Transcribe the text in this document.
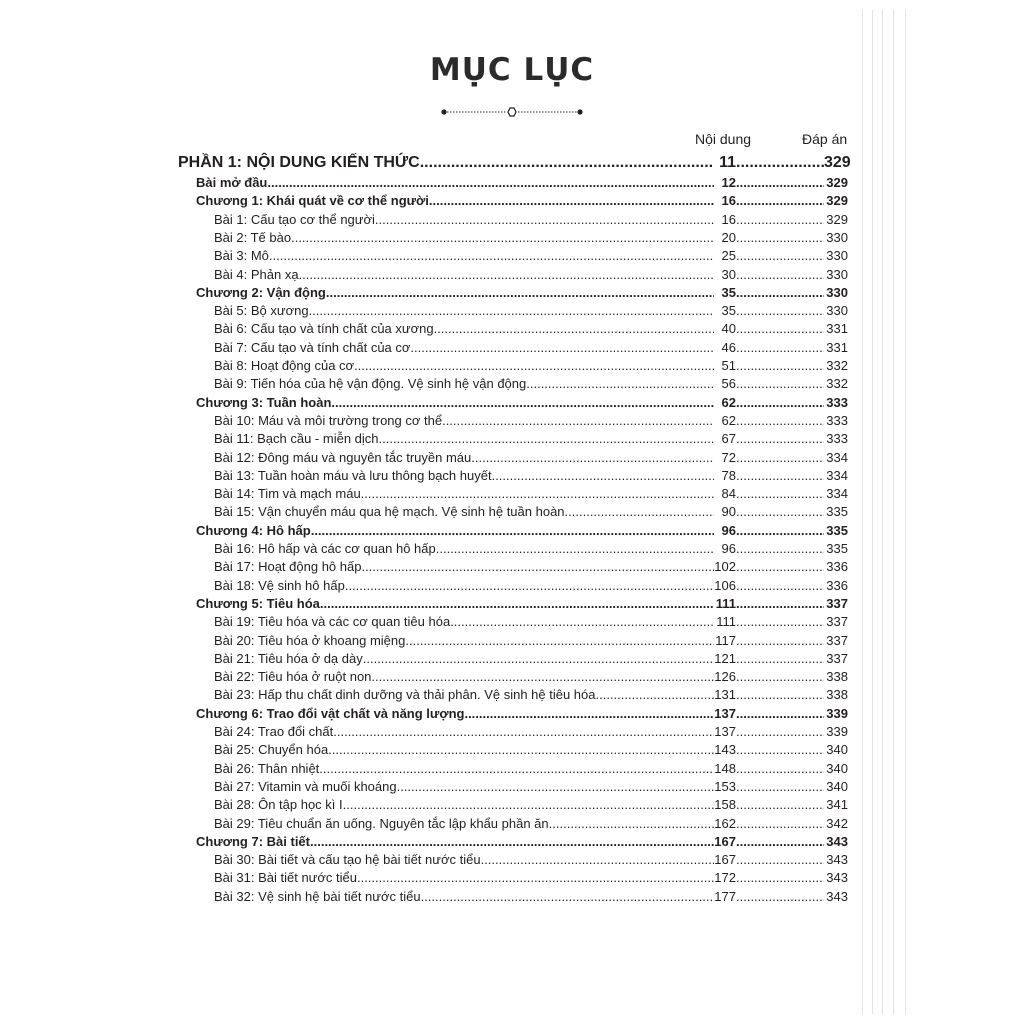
MỤC LỤC
Nội dung	Đáp án
PHẦN 1: NỘI DUNG KIẾN THỨC .....	11 .....	329
Bài mở đầu .....	12 .....	329
Chương 1: Khái quát về cơ thể người .....	16 .....	329
Bài 1: Cấu tạo cơ thể người .....	16 .....	329
Bài 2: Tế bào .....	20 .....	330
Bài 3: Mô .....	25 .....	330
Bài 4: Phản xạ .....	30 .....	330
Chương 2: Vận động .....	35 .....	330
Bài 5: Bộ xương .....	35 .....	330
Bài 6: Cấu tạo và tính chất của xương .....	40 .....	331
Bài 7: Cấu tạo và tính chất của cơ .....	46 .....	331
Bài 8: Hoạt động của cơ .....	51 .....	332
Bài 9: Tiến hóa của hệ vận động. Vệ sinh hệ vận động .....	56 .....	332
Chương 3: Tuần hoàn .....	62 .....	333
Bài 10: Máu và môi trường trong cơ thể .....	62 .....	333
Bài 11: Bạch cầu - miễn dịch .....	67 .....	333
Bài 12: Đông máu và nguyên tắc truyền máu .....	72 .....	334
Bài 13: Tuần hoàn máu và lưu thông bạch huyết .....	78 .....	334
Bài 14: Tim và mạch máu .....	84 .....	334
Bài 15: Vận chuyển máu qua hệ mạch. Vệ sinh hệ tuần hoàn .....	90 .....	335
Chương 4: Hô hấp .....	96 .....	335
Bài 16: Hô hấp và các cơ quan hô hấp .....	96 .....	335
Bài 17: Hoạt động hô hấp .....	102 .....	336
Bài 18: Vệ sinh hô hấp .....	106 .....	336
Chương 5: Tiêu hóa .....	111 .....	337
Bài 19: Tiêu hóa và các cơ quan tiêu hóa .....	111 .....	337
Bài 20: Tiêu hóa ở khoang miệng .....	117 .....	337
Bài 21: Tiêu hóa ở dạ dày .....	121 .....	337
Bài 22: Tiêu hóa ở ruột non .....	126 .....	338
Bài 23: Hấp thu chất dinh dưỡng và thải phân. Vệ sinh hệ tiêu hóa .....	131 .....	338
Chương 6: Trao đổi vật chất và năng lượng .....	137 .....	339
Bài 24: Trao đổi chất .....	137 .....	339
Bài 25: Chuyển hóa .....	143 .....	340
Bài 26: Thân nhiệt .....	148 .....	340
Bài 27: Vitamin và muối khoáng .....	153 .....	340
Bài 28: Ôn tập học kì I .....	158 .....	341
Bài 29: Tiêu chuẩn ăn uống. Nguyên tắc lập khẩu phần ăn .....	162 .....	342
Chương 7: Bài tiết .....	167 .....	343
Bài 30: Bài tiết và cấu tạo hệ bài tiết nước tiểu .....	167 .....	343
Bài 31: Bài tiết nước tiểu .....	172 .....	343
Bài 32: Vệ sinh hệ bài tiết nước tiểu .....	177 .....	343
